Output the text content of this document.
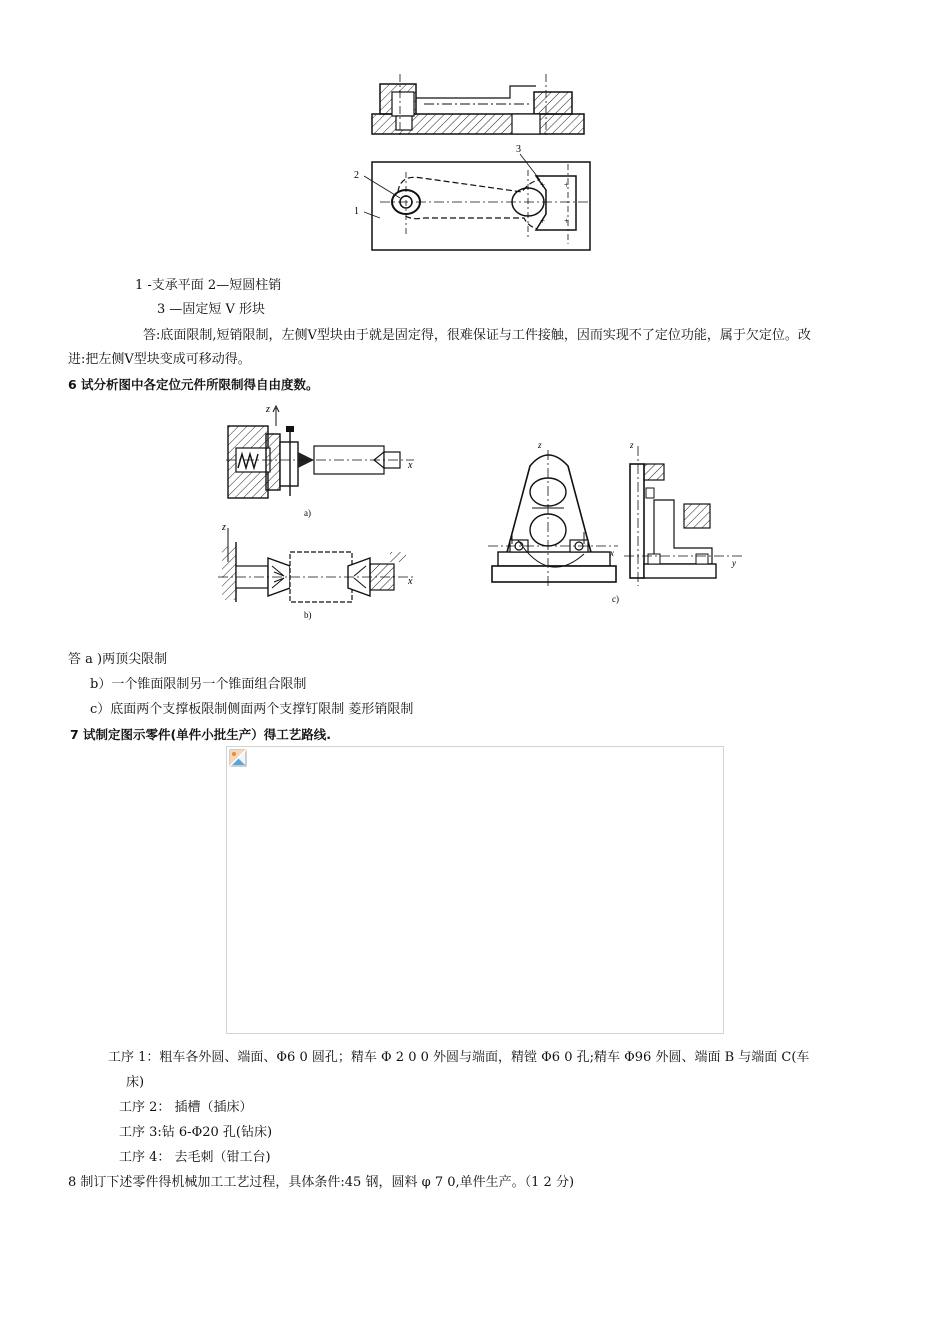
+ +
+ +
2
1
3
1 -支承平面 2—短圆柱销
3 —固定短 V 形块
答:底面限制,短销限制，左侧Ⅴ型块由于就是固定得，很难保证与工件接触，因而实现不了定位功能，属于欠定位。改
进:把左侧Ⅴ型块变成可移动得。
6 试分析图中各定位元件所限制得自由度数。
z
x
a)
z
x
b)
z
x
z
y
c)
答 a )两顶尖限制
b）一个锥面限制另一个锥面组合限制
c）底面两个支撑板限制侧面两个支撑钉限制 菱形销限制
7 试制定图示零件(单件小批生产）得工艺路线.
工序 1：粗车各外圆、端面、Φ6 0 圆孔；精车 Φ 2 0 0 外圆与端面，精镗 Φ6 0 孔;精车 Φ96 外圆、端面 B 与端面 C(车
床)
工序 2： 插槽（插床）
工序 3:钻 6-Φ20 孔(钻床)
工序 4： 去毛刺（钳工台)
8 制订下述零件得机械加工工艺过程，具体条件:45 钢，圆料 φ 7 0,单件生产。（1 2 分)
